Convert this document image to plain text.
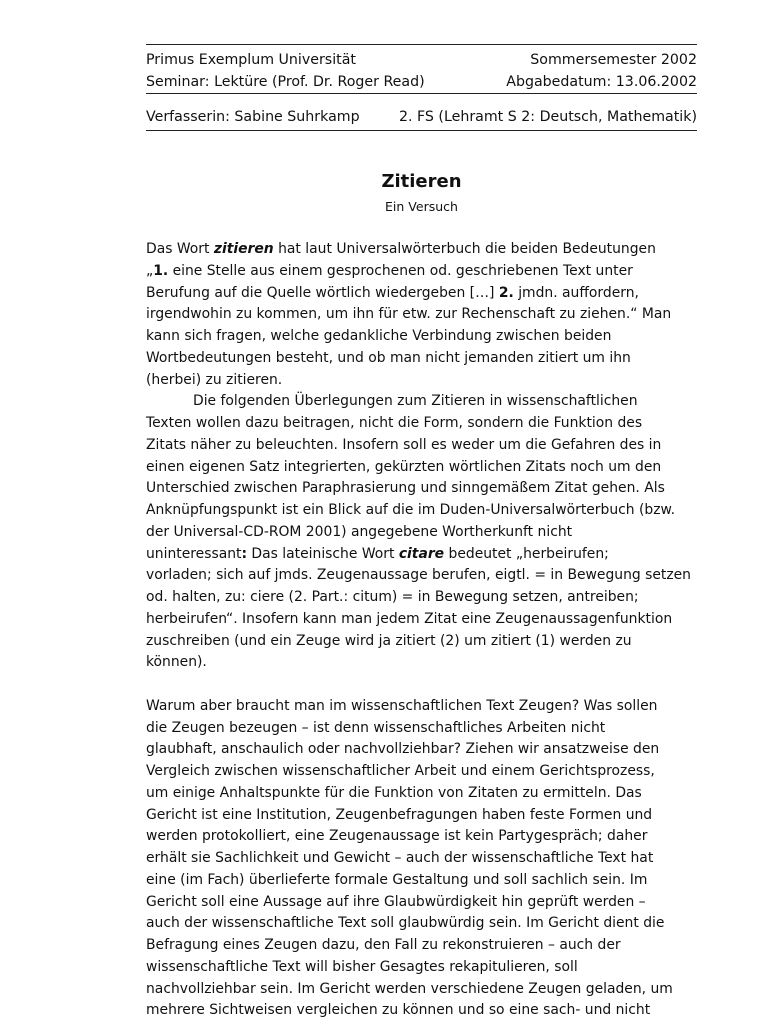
Primus Exemplum Universität	Sommersemester 2002
Seminar: Lektüre (Prof. Dr. Roger Read)	Abgabedatum: 13.06.2002
Verfasserin: Sabine Suhrkamp	2. FS (Lehramt S 2: Deutsch, Mathematik)
Zitieren
Ein Versuch
Das Wort zitieren hat laut Universalwörterbuch die beiden Bedeutungen
„1. eine Stelle aus einem gesprochenen od. geschriebenen Text unter
Berufung auf die Quelle wörtlich wiedergeben […] 2. jmdn. auffordern,
irgendwohin zu kommen, um ihn für etw. zur Rechenschaft zu ziehen.“ Man
kann sich fragen, welche gedankliche Verbindung zwischen beiden
Wortbedeutungen besteht, und ob man nicht jemanden zitiert um ihn
(herbei) zu zitieren.
Die folgenden Überlegungen zum Zitieren in wissenschaftlichen
Texten wollen dazu beitragen, nicht die Form, sondern die Funktion des
Zitats näher zu beleuchten. Insofern soll es weder um die Gefahren des in
einen eigenen Satz integrierten, gekürzten wörtlichen Zitats noch um den
Unterschied zwischen Paraphrasierung und sinngemäßem Zitat gehen. Als
Anknüpfungspunkt ist ein Blick auf die im Duden-Universalwörterbuch (bzw.
der Universal-CD-ROM 2001) angegebene Wortherkunft nicht
uninteressant: Das lateinische Wort citare bedeutet „herbeirufen;
vorladen; sich auf jmds. Zeugenaussage berufen, eigtl. = in Bewegung setzen
od. halten, zu: ciere (2. Part.: citum) = in Bewegung setzen, antreiben;
herbeirufen“. Insofern kann man jedem Zitat eine Zeugenaussagenfunktion
zuschreiben (und ein Zeuge wird ja zitiert (2) um zitiert (1) werden zu
können).
Warum aber braucht man im wissenschaftlichen Text Zeugen? Was sollen
die Zeugen bezeugen – ist denn wissenschaftliches Arbeiten nicht
glaubhaft, anschaulich oder nachvollziehbar? Ziehen wir ansatzweise den
Vergleich zwischen wissenschaftlicher Arbeit und einem Gerichtsprozess,
um einige Anhaltspunkte für die Funktion von Zitaten zu ermitteln. Das
Gericht ist eine Institution, Zeugenbefragungen haben feste Formen und
werden protokolliert, eine Zeugenaussage ist kein Partygespräch; daher
erhält sie Sachlichkeit und Gewicht – auch der wissenschaftliche Text hat
eine (im Fach) überlieferte formale Gestaltung und soll sachlich sein. Im
Gericht soll eine Aussage auf ihre Glaubwürdigkeit hin geprüft werden –
auch der wissenschaftliche Text soll glaubwürdig sein. Im Gericht dient die
Befragung eines Zeugen dazu, den Fall zu rekonstruieren – auch der
wissenschaftliche Text will bisher Gesagtes rekapitulieren, soll
nachvollziehbar sein. Im Gericht werden verschiedene Zeugen geladen, um
mehrere Sichtweisen vergleichen zu können und so eine sach- und nicht
